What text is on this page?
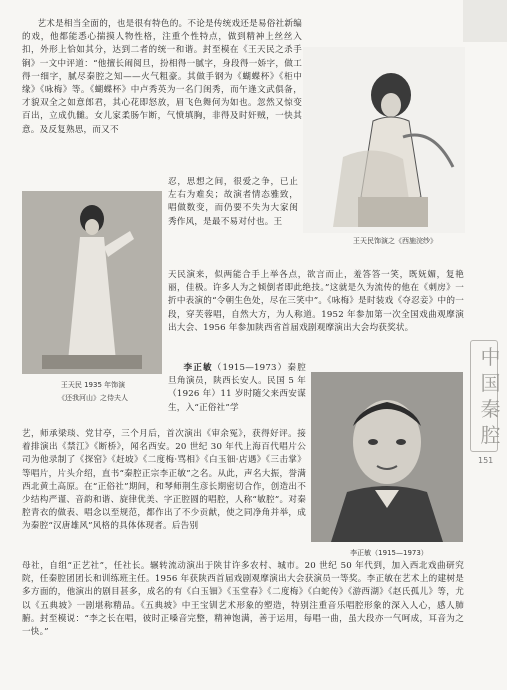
中
国
秦
腔
151
王天民饰演之《西施浣纱》
王天民 1935 年饰演
《还我河山》之侍夫人
李正敏（1915—1973）

艺术是相当全面的，也是很有特色的。不论是传统戏还是易俗社新编的戏，他都能悉心揣摸人物性格，注重个性特点，做到精神上丝丝入扣，外形上恰如其分，达到二者的统一和谐。封至模在《王天民之杀手锏》一文中评道：“他擅长闹阅旦，扮相得一腻字，身段得一娇字，做工得一细字，腻尽秦腔之知——火气粗豪。其做手钢为《蝴蝶杯》《柜中缘》《咏梅》等。《蝴蝶杯》中卢秀英为一名门闺秀，而午逢文武俱备，才貌双全之如意郎君，其心花即怒放，眉飞色舞何为如也。忽然又惊变百出，立成仇雠。女儿家柔肠乍断，气愤填胸，非得及时奸贼，一快其意。及反复熟思，而又不

忍，思想之间，很爱之争，已止左右为难矣；故演者情态雅致，唱做数变，而仍要不失为大家闺秀作风，是最不易对付也。王

天民演来，似两能合手上举各点，欲言而止，羞答答一笑，既妩媚，复艳丽，佳极。许多人为之倾倒者即此绝技。”这就是久为流传的他在《刺房》一折中表演的“令朝生色处，尽在三笑中”。《咏梅》是时装戏《夺忍妾》中的一段，穿芙蓉唱，自然大方，为人称道。1952 年参加第一次全国戏曲观摩演出大会、1956 年参加陕西省首届戏剧观摩演出大会均获奖状。

李正敏（1915—1973）秦腔旦角演员，陕西长安人。民国 5 年（1926 年）11 岁时随父来西安谋生，入“正俗社”学

艺，师承梁琰、党甘亭，三个月后，首次演出《审余冤》，获得好评。接着排演出《禁江》《断桥》，闻名西安。20 世纪 30 年代上海百代唱片公司为他录制了《探窑》《赶坡》《二度梅·骂相》《白玉钿·店遇》《三击掌》等唱片，片头介绍，直书“秦腔正宗李正敏”之名。从此，声名大振，誉满西北黄土高原。在“正俗社”期间，和琴师荆生彦长期密切合作，创造出不少结构严谨、音韵和谐、旋律优美、字正腔圆的唱腔，人称“敏腔”。对秦腔青衣的做表、唱念以至规范，都作出了不少贡献，使之同净角并举，成为秦腔“汉唐雄风”风格的具体体现者。后告别

母社，自组“正艺社”，任社长。辗转流动演出于陕甘许多农村、城市。20 世纪 50 年代到，加入西北戏曲研究院，任秦腔团团长和训练班主任。1956 年获陕西首届戏剧观摩演出大会获演员一等奖。李正敏在艺术上的建树是多方面的，他演出的剧目甚多，成名的有《白玉钿》《玉堂春》《二度梅》《白蛇传》《游西湖》《赵氏孤儿》等，尤以《五典坡》一剧堪称精品。《五典坡》中王宝钏艺术形象的塑造，特别注重音乐唱腔形象的深入人心，感人肺腑。封至模说：“李之长在唱，彼时正嗓音完整，精神饱满，善于运用，每唱一曲，虽大段亦一气呵成，耳音为之一快。”
